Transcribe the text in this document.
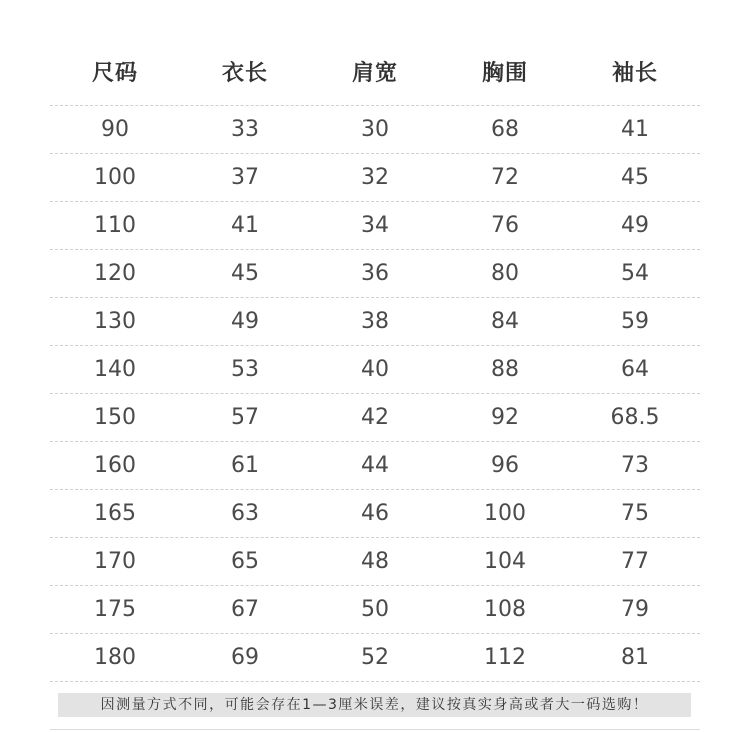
尺码	衣长	肩宽	胸围	袖长
90	33	30	68	41
100	37	32	72	45
110	41	34	76	49
120	45	36	80	54
130	49	38	84	59
140	53	40	88	64
150	57	42	92	68.5
160	61	44	96	73
165	63	46	100	75
170	65	48	104	77
175	67	50	108	79
180	69	52	112	81
因测量方式不同，可能会存在1—3厘米误差，建议按真实身高或者大一码选购！
